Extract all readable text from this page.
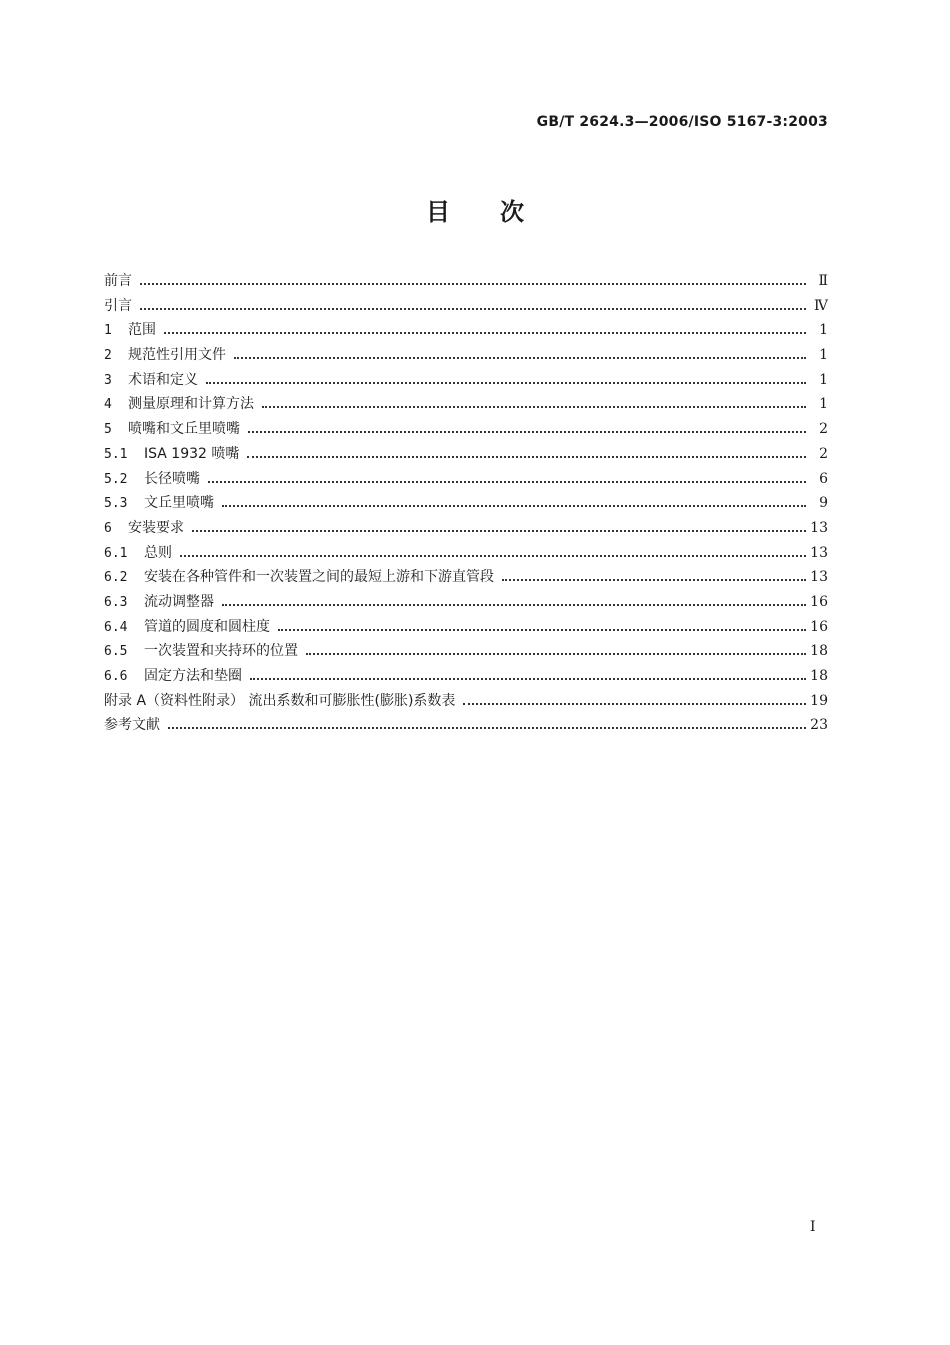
GB/T 2624.3—2006/ISO 5167-3:2003
目 次
前言	Ⅱ
引言	Ⅳ
1	范围	1
2	规范性引用文件	1
3	术语和定义	1
4	测量原理和计算方法	1
5	喷嘴和文丘里喷嘴	2
5.1	ISA 1932 喷嘴	2
5.2	长径喷嘴	6
5.3	文丘里喷嘴	9
6	安装要求	13
6.1	总则	13
6.2	安装在各种管件和一次装置之间的最短上游和下游直管段	13
6.3	流动调整器	16
6.4	管道的圆度和圆柱度	16
6.5	一次装置和夹持环的位置	18
6.6	固定方法和垫圈	18
附录 A（资料性附录） 流出系数和可膨胀性(膨胀)系数表	19
参考文献	23
I
